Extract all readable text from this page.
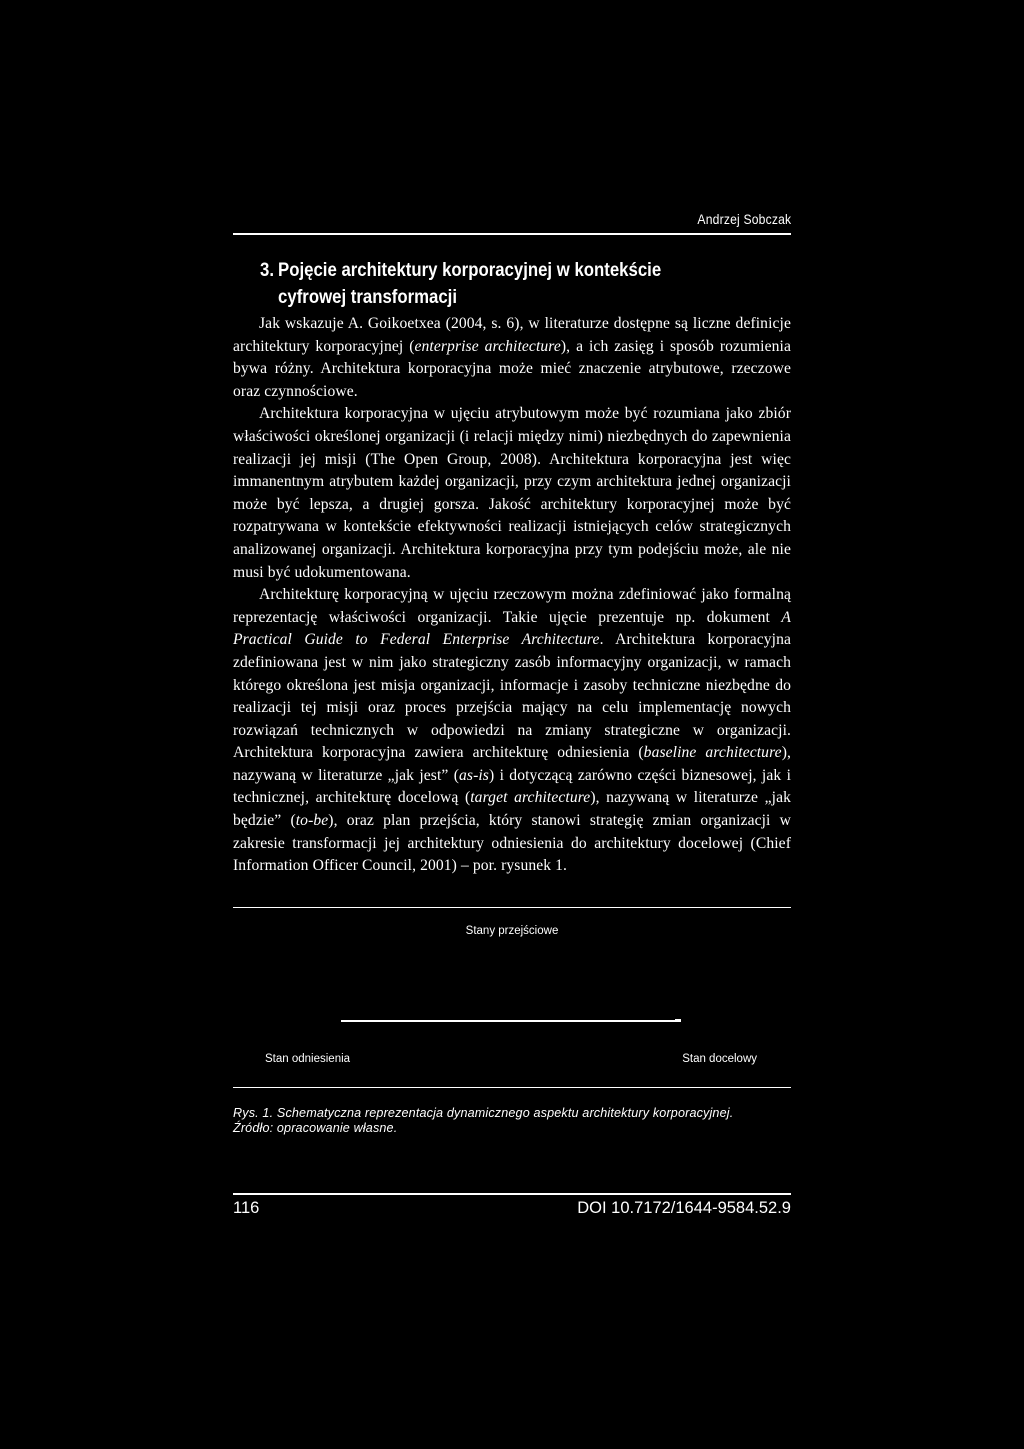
Andrzej Sobczak
3. Pojęcie architektury korporacyjnej w kontekście
cyfrowej transformacji

Jak wskazuje A. Goikoetxea (2004, s. 6), w literaturze dostępne są liczne definicje architektury korporacyjnej (enterprise architecture), a ich zasięg i sposób rozumienia bywa różny. Architektura korporacyjna może mieć znaczenie atrybutowe, rzeczowe oraz czynnościowe.

Architektura korporacyjna w ujęciu atrybutowym może być rozumiana jako zbiór właściwości określonej organizacji (i relacji między nimi) niezbędnych do zapewnienia realizacji jej misji (The Open Group, 2008). Architektura korporacyjna jest więc immanentnym atrybutem każdej organizacji, przy czym architektura jednej organizacji może być lepsza, a drugiej gorsza. Jakość architektury korporacyjnej może być rozpatrywana w kontekście efektywności realizacji istniejących celów strategicznych analizowanej organizacji. Architektura korporacyjna przy tym podejściu może, ale nie musi być udokumentowana.

Architekturę korporacyjną w ujęciu rzeczowym można zdefiniować jako formalną reprezentację właściwości organizacji. Takie ujęcie prezentuje np. dokument A Practical Guide to Federal Enterprise Architecture. Architektura korporacyjna zdefiniowana jest w nim jako strategiczny zasób informacyjny organizacji, w ramach którego określona jest misja organizacji, informacje i zasoby techniczne niezbędne do realizacji tej misji oraz proces przejścia mający na celu implementację nowych rozwiązań technicznych w odpowiedzi na zmiany strategiczne w organizacji. Architektura korporacyjna zawiera architekturę odniesienia (baseline architecture), nazywaną w literaturze „jak jest” (as-is) i dotyczącą zarówno części biznesowej, jak i technicznej, architekturę docelową (target architecture), nazywaną w literaturze „jak będzie” (to-be), oraz plan przejścia, który stanowi strategię zmian organizacji w zakresie transformacji jej architektury odniesienia do architektury docelowej (Chief Information Officer Council, 2001) – por. rysunek 1.

Stany przejściowe
Stan odniesienia	Stan docelowy
Rys. 1. Schematyczna reprezentacja dynamicznego aspektu architektury korporacyjnej.
Źródło: opracowanie własne.
116	DOI 10.7172/1644-9584.52.9
